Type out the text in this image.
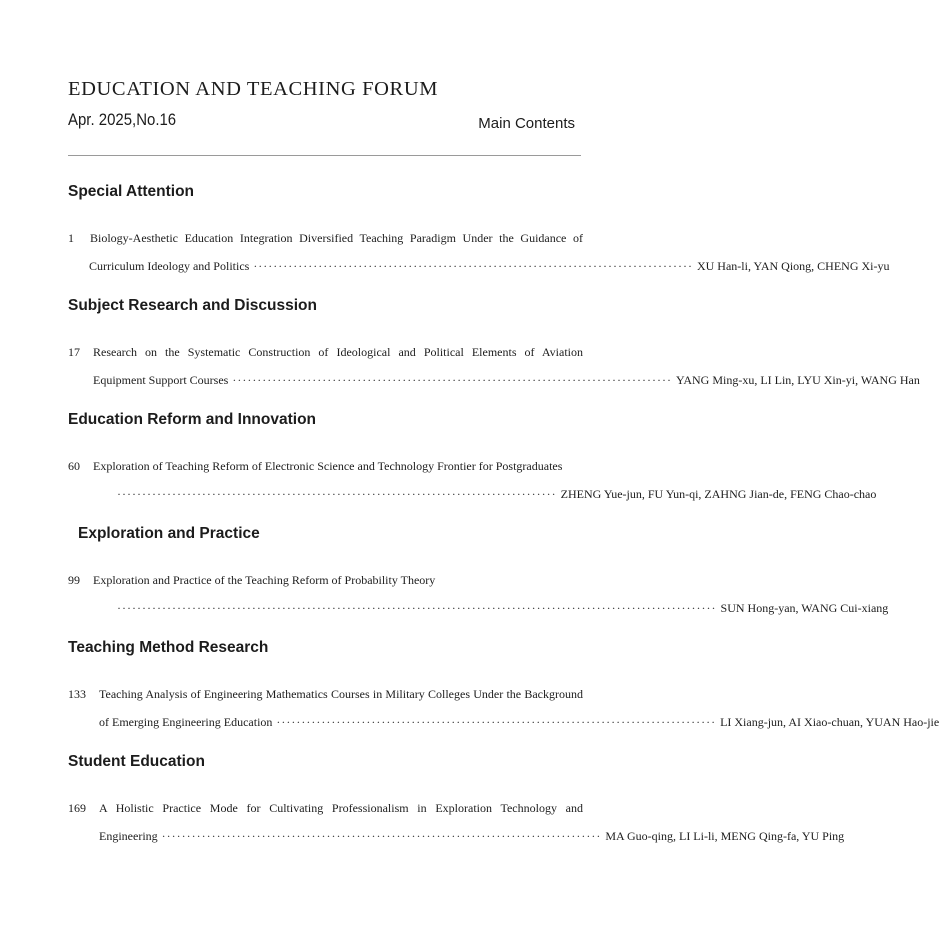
EDUCATION AND TEACHING FORUM
Apr. 2025,No.16	Main Contents
Special Attention
1	Biology-Aesthetic Education Integration Diversified Teaching Paradigm Under the Guidance of
Curriculum Ideology and Politics ························································································ XU Han-li, YAN Qiong, CHENG Xi-yu
Subject Research and Discussion
17	Research on the Systematic Construction of Ideological and Political Elements of Aviation
Equipment Support Courses ························································································ YANG Ming-xu, LI Lin, LYU Xin-yi, WANG Han
Education Reform and Innovation
60	Exploration of Teaching Reform of Electronic Science and Technology Frontier for Postgraduates
························································································ ZHENG Yue-jun, FU Yun-qi, ZAHNG Jian-de, FENG Chao-chao
Exploration and Practice
99	Exploration and Practice of the Teaching Reform of Probability Theory
························································································································ SUN Hong-yan, WANG Cui-xiang
Teaching Method Research
133	Teaching Analysis of Engineering Mathematics Courses in Military Colleges Under the Background
of Emerging Engineering Education ························································································ LI Xiang-jun, AI Xiao-chuan, YUAN Hao-jie
Student Education
169	A Holistic Practice Mode for Cultivating Professionalism in Exploration Technology and
Engineering ························································································ MA Guo-qing, LI Li-li, MENG Qing-fa, YU Ping
